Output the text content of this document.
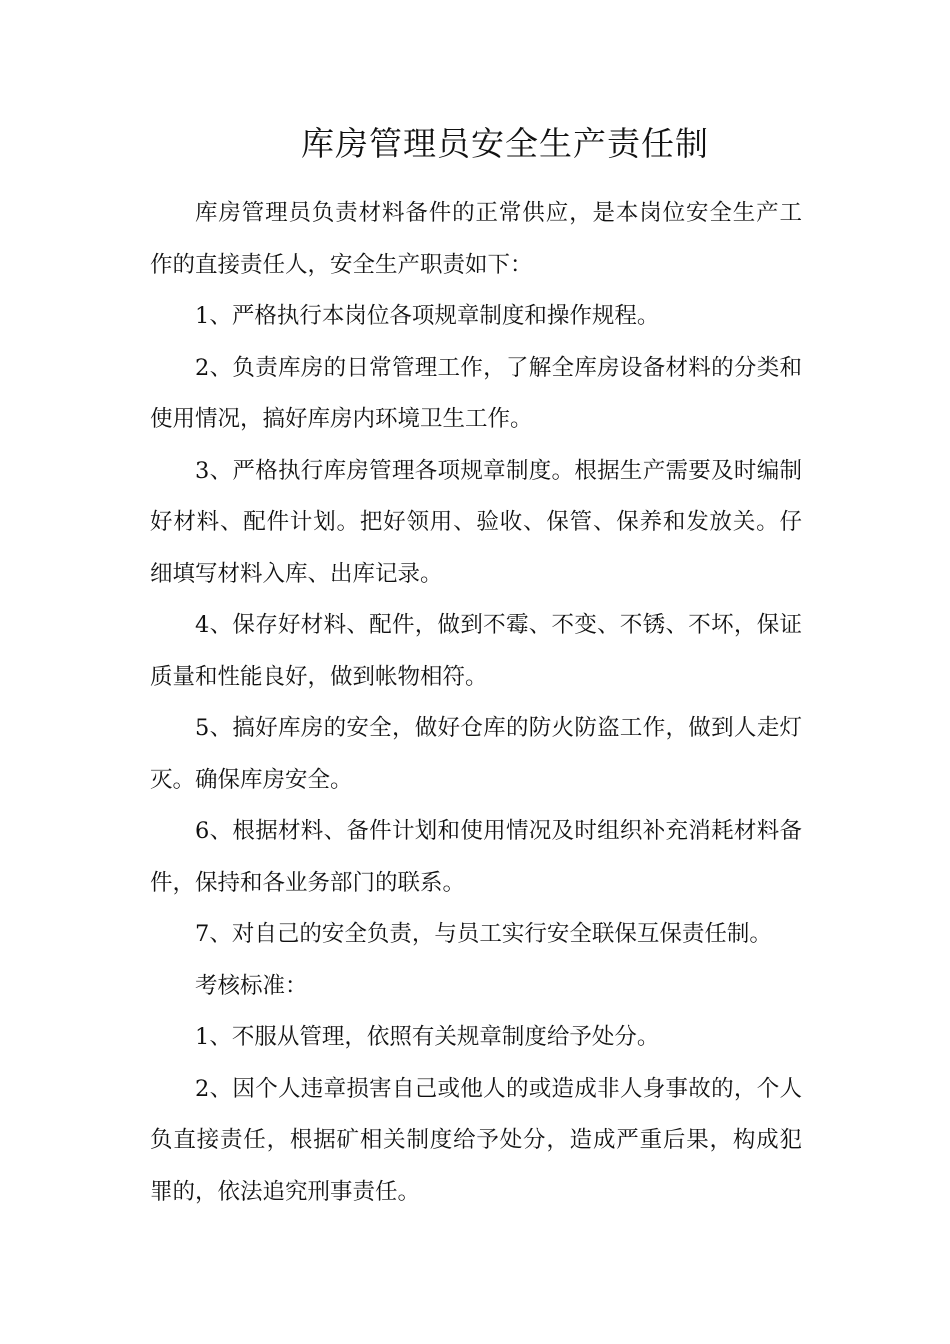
库房管理员安全生产责任制

库房管理员负责材料备件的正常供应，是本岗位安全生产工作的直接责任人，安全生产职责如下：

1、严格执行本岗位各项规章制度和操作规程。

2、负责库房的日常管理工作，了解全库房设备材料的分类和使用情况，搞好库房内环境卫生工作。

3、严格执行库房管理各项规章制度。根据生产需要及时编制好材料、配件计划。把好领用、验收、保管、保养和发放关。仔细填写材料入库、出库记录。

4、保存好材料、配件，做到不霉、不变、不锈、不坏，保证质量和性能良好，做到帐物相符。

5、搞好库房的安全，做好仓库的防火防盗工作，做到人走灯灭。确保库房安全。

6、根据材料、备件计划和使用情况及时组织补充消耗材料备件，保持和各业务部门的联系。

7、对自己的安全负责，与员工实行安全联保互保责任制。

考核标准：

1、不服从管理，依照有关规章制度给予处分。

2、因个人违章损害自己或他人的或造成非人身事故的，个人负直接责任，根据矿相关制度给予处分，造成严重后果，构成犯罪的，依法追究刑事责任。
